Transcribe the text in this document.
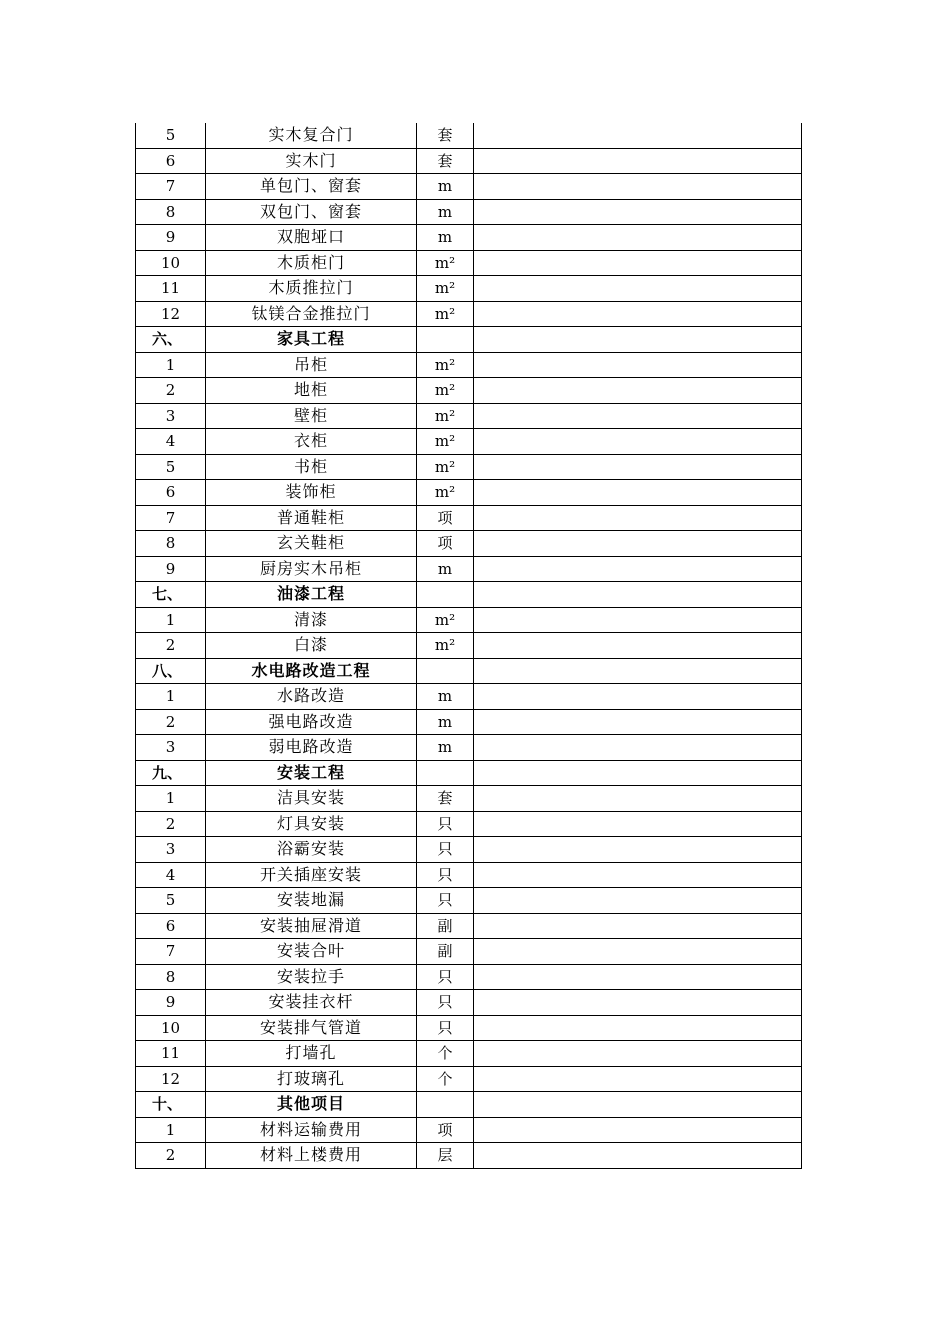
5	实木复合门	套	
6	实木门	套	
7	单包门、窗套	m	
8	双包门、窗套	m	
9	双胞垭口	m	
10	木质柜门	m²	
11	木质推拉门	m²	
12	钛镁合金推拉门	m²	
六、	家具工程		
1	吊柜	m²	
2	地柜	m²	
3	壁柜	m²	
4	衣柜	m²	
5	书柜	m²	
6	装饰柜	m²	
7	普通鞋柜	项	
8	玄关鞋柜	项	
9	厨房实木吊柜	m	
七、	油漆工程		
1	清漆	m²	
2	白漆	m²	
八、	水电路改造工程		
1	水路改造	m	
2	强电路改造	m	
3	弱电路改造	m	
九、	安装工程		
1	洁具安装	套	
2	灯具安装	只	
3	浴霸安装	只	
4	开关插座安装	只	
5	安装地漏	只	
6	安装抽屉滑道	副	
7	安装合叶	副	
8	安装拉手	只	
9	安装挂衣杆	只	
10	安装排气管道	只	
11	打墙孔	个	
12	打玻璃孔	个	
十、	其他项目		
1	材料运输费用	项	
2	材料上楼费用	层	
